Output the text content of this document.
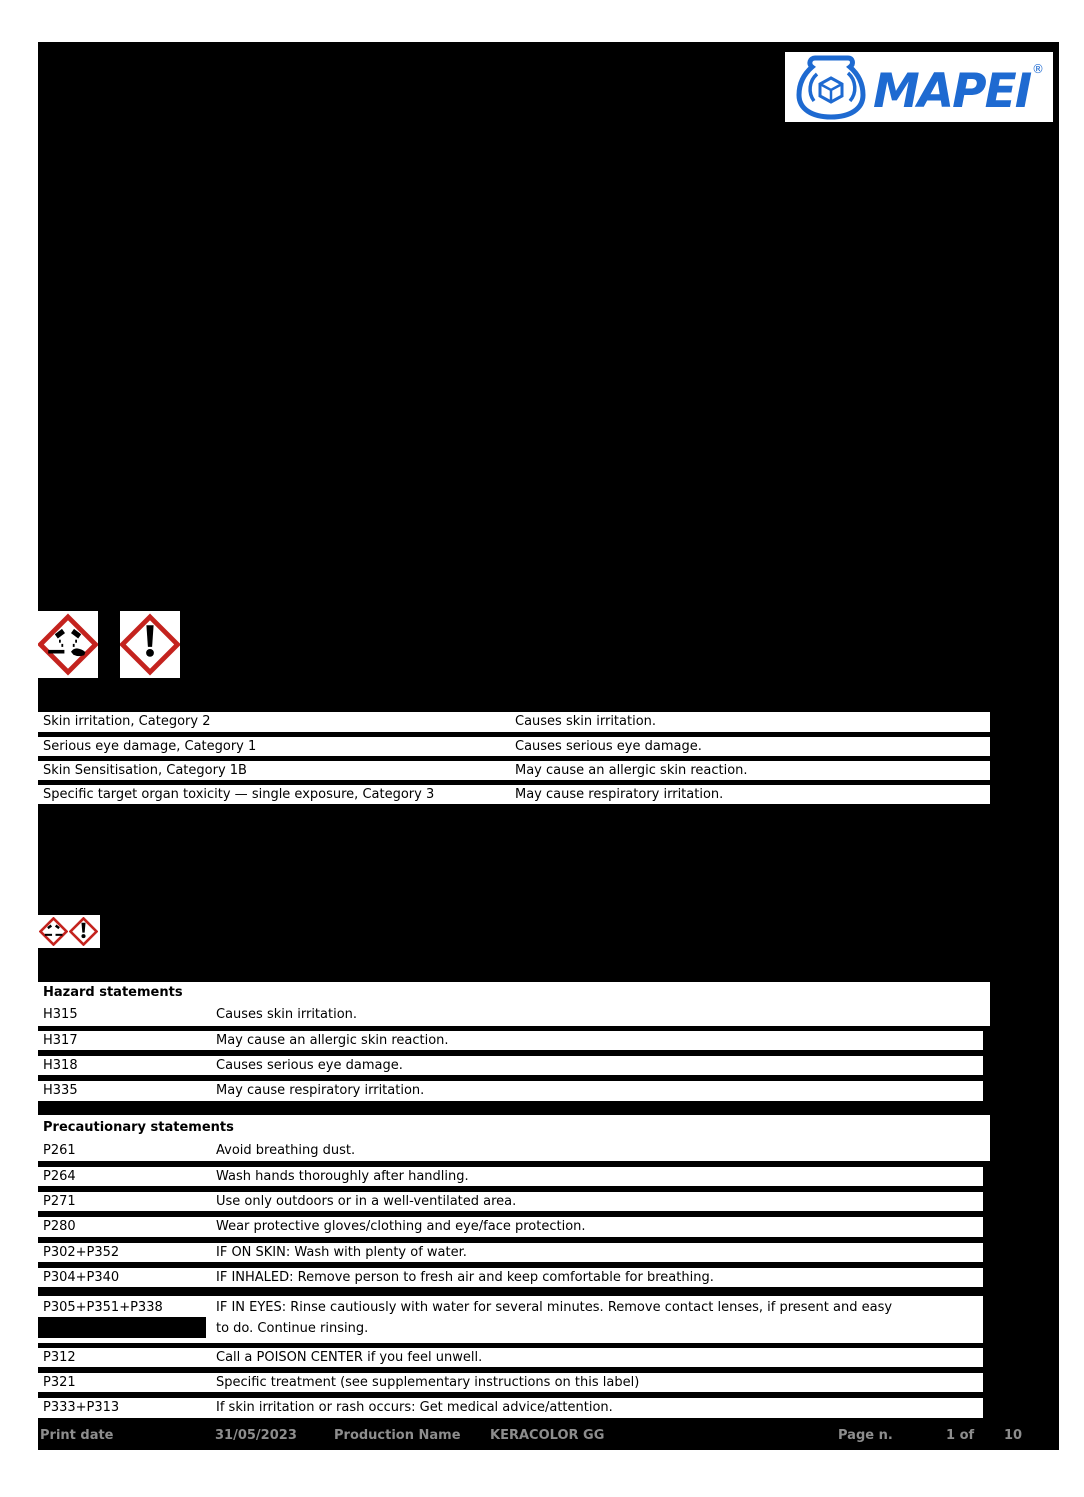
MAPEI ®
Skin irritation, Category 2	Causes skin irritation.
Serious eye damage, Category 1	Causes serious eye damage.
Skin Sensitisation, Category 1B	May cause an allergic skin reaction.
Specific target organ toxicity — single exposure, Category 3	May cause respiratory irritation.
Hazard statements
H315	Causes skin irritation.
H317	May cause an allergic skin reaction.
H318	Causes serious eye damage.
H335	May cause respiratory irritation.
Precautionary statements
P261	Avoid breathing dust.
P264	Wash hands thoroughly after handling.
P271	Use only outdoors or in a well-ventilated area.
P280	Wear protective gloves/clothing and eye/face protection.
P302+P352	IF ON SKIN: Wash with plenty of water.
P304+P340	IF INHALED: Remove person to fresh air and keep comfortable for breathing.
P305+P351+P338	IF IN EYES: Rinse cautiously with water for several minutes. Remove contact lenses, if present and easy
to do. Continue rinsing.
P312	Call a POISON CENTER if you feel unwell.
P321	Specific treatment (see supplementary instructions on this label)
P333+P313	If skin irritation or rash occurs: Get medical advice/attention.
Print date	31/05/2023	Production Name KERACOLOR GG	Page n.	1 of 10
